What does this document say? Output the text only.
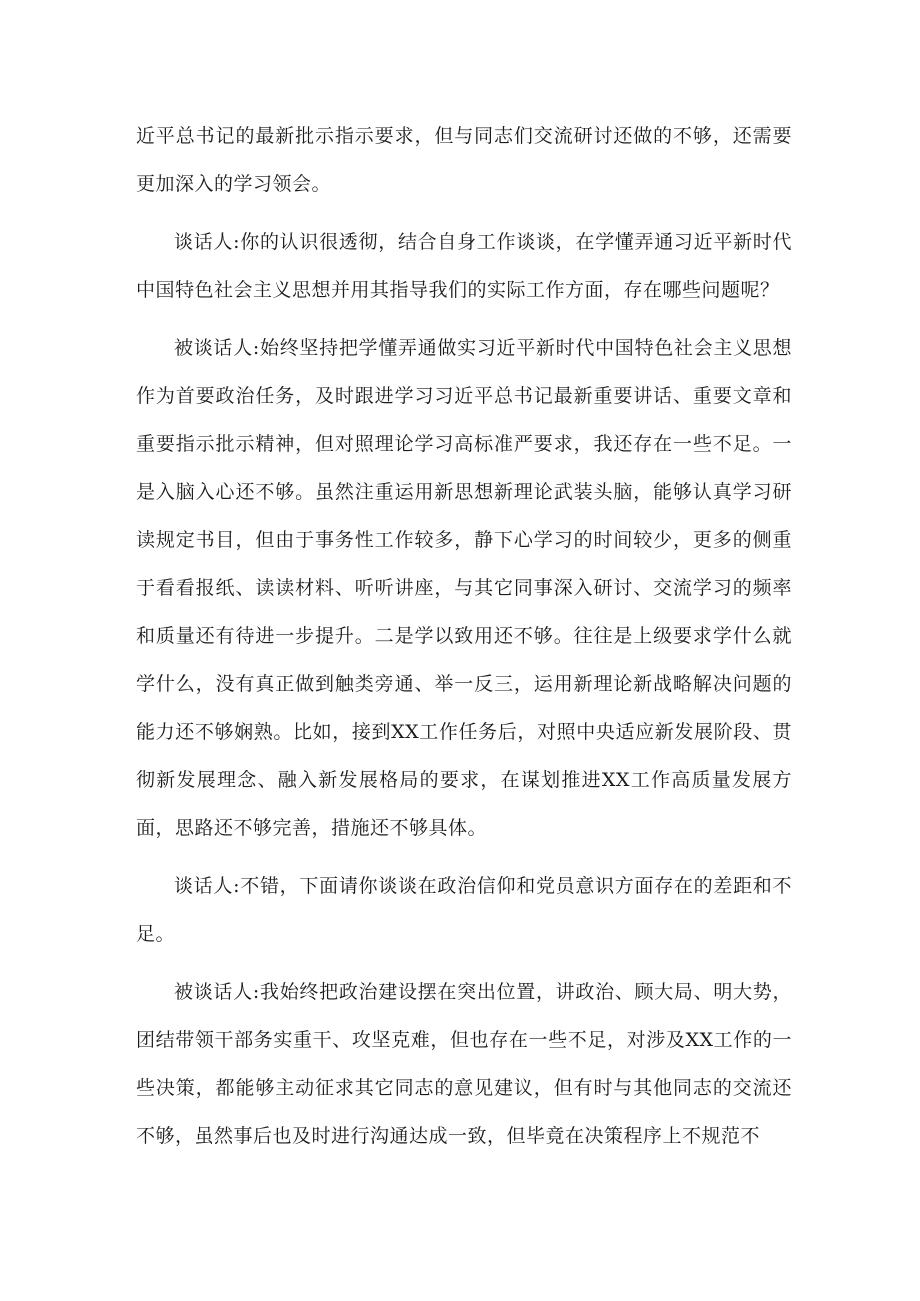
近平总书记的最新批示指示要求，但与同志们交流研讨还做的不够，还需要更加深入的学习领会。

谈话人:你的认识很透彻，结合自身工作谈谈，在学懂弄通习近平新时代中国特色社会主义思想并用其指导我们的实际工作方面，存在哪些问题呢？

被谈话人:始终坚持把学懂弄通做实习近平新时代中国特色社会主义思想作为首要政治任务，及时跟进学习习近平总书记最新重要讲话、重要文章和重要指示批示精神，但对照理论学习高标准严要求，我还存在一些不足。一是入脑入心还不够。虽然注重运用新思想新理论武装头脑，能够认真学习研读规定书目，但由于事务性工作较多，静下心学习的时间较少，更多的侧重于看看报纸、读读材料、听听讲座，与其它同事深入研讨、交流学习的频率和质量还有待进一步提升。二是学以致用还不够。往往是上级要求学什么就学什么，没有真正做到触类旁通、举一反三，运用新理论新战略解决问题的能力还不够娴熟。比如，接到XX工作任务后，对照中央适应新发展阶段、贯彻新发展理念、融入新发展格局的要求，在谋划推进XX工作高质量发展方面，思路还不够完善，措施还不够具体。

谈话人:不错，下面请你谈谈在政治信仰和党员意识方面存在的差距和不足。

被谈话人:我始终把政治建设摆在突出位置，讲政治、顾大局、明大势，团结带领干部务实重干、攻坚克难，但也存在一些不足，对涉及XX工作的一些决策，都能够主动征求其它同志的意见建议，但有时与其他同志的交流还不够，虽然事后也及时进行沟通达成一致，但毕竟在决策程序上不规范不
